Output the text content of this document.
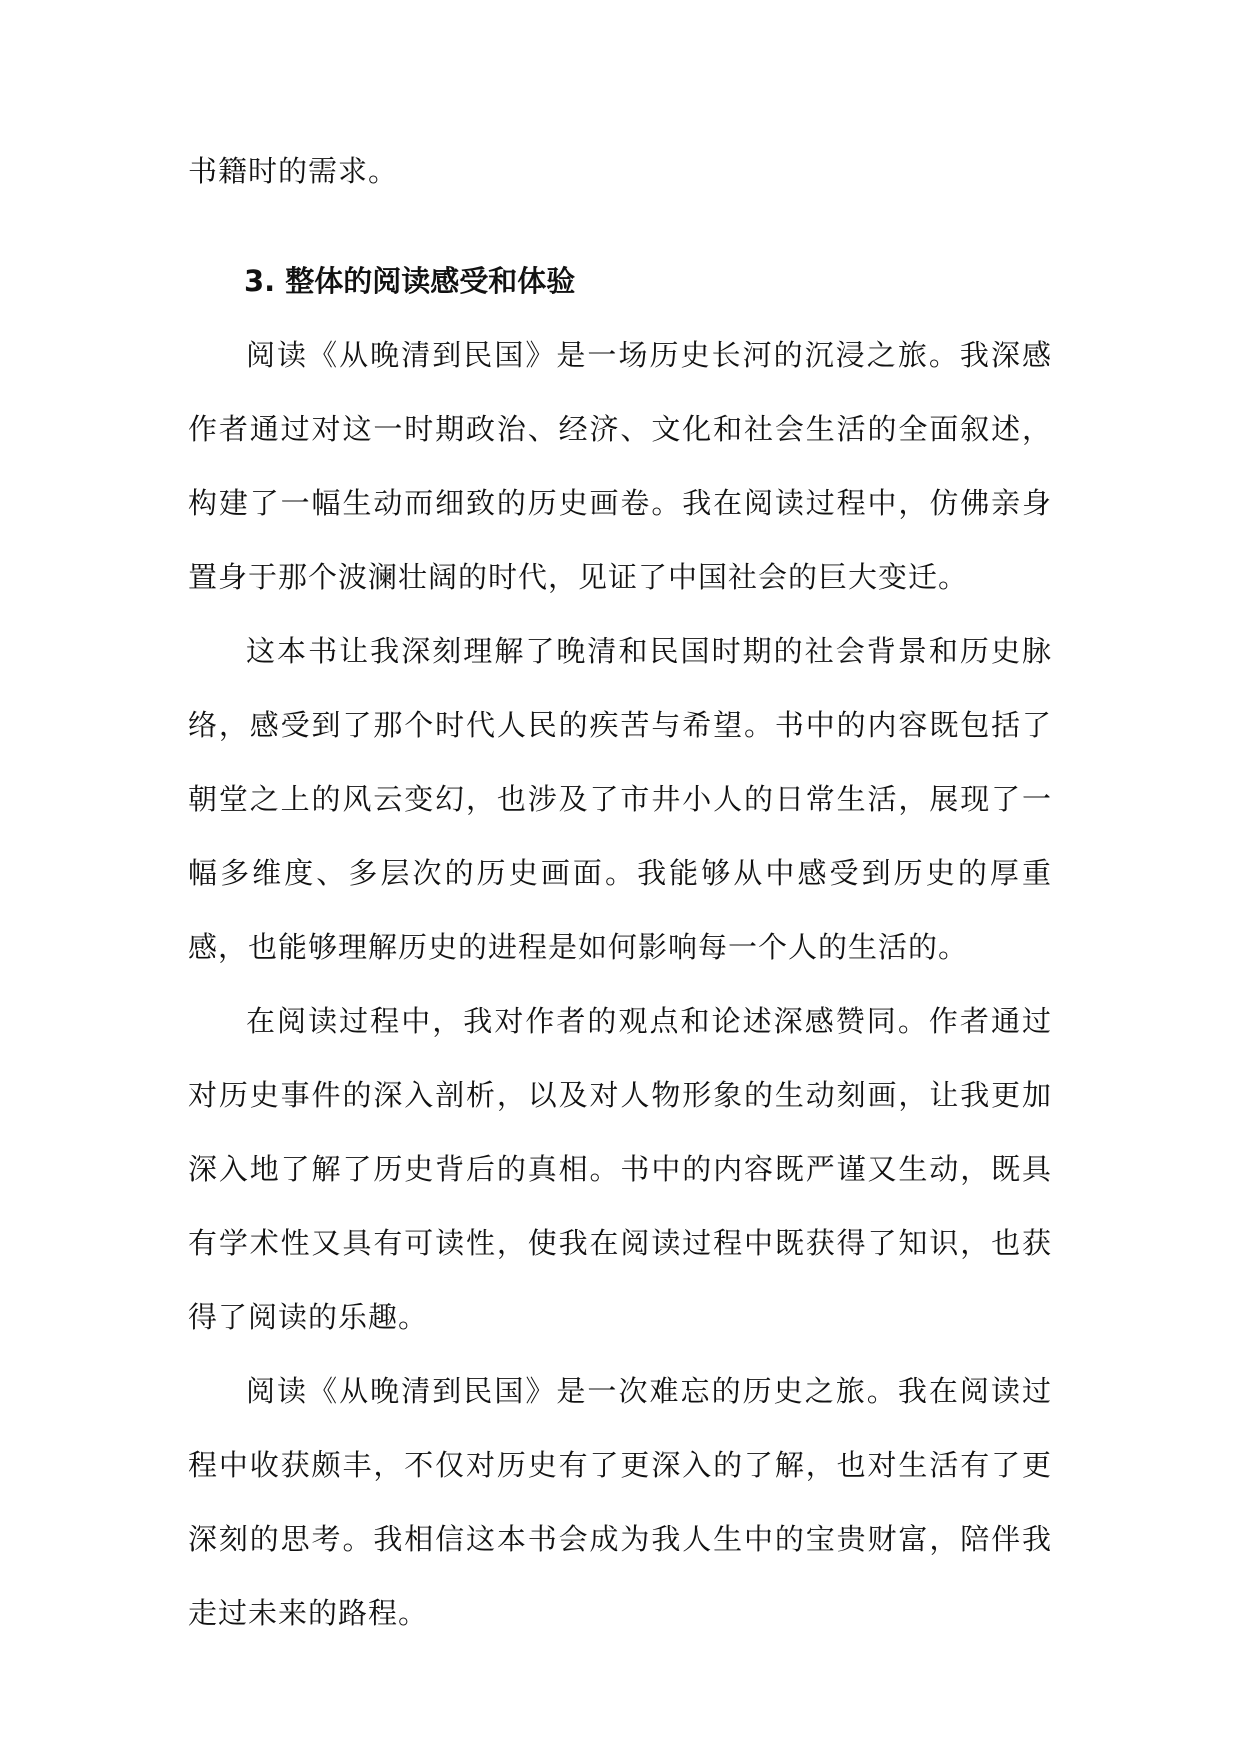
书籍时的需求。

3. 整体的阅读感受和体验

阅读《从晚清到民国》是一场历史长河的沉浸之旅。我深感作者通过对这一时期政治、经济、文化和社会生活的全面叙述，构建了一幅生动而细致的历史画卷。我在阅读过程中，仿佛亲身置身于那个波澜壮阔的时代，见证了中国社会的巨大变迁。

这本书让我深刻理解了晚清和民国时期的社会背景和历史脉络，感受到了那个时代人民的疾苦与希望。书中的内容既包括了朝堂之上的风云变幻，也涉及了市井小人的日常生活，展现了一幅多维度、多层次的历史画面。我能够从中感受到历史的厚重感，也能够理解历史的进程是如何影响每一个人的生活的。

在阅读过程中，我对作者的观点和论述深感赞同。作者通过对历史事件的深入剖析，以及对人物形象的生动刻画，让我更加深入地了解了历史背后的真相。书中的内容既严谨又生动，既具有学术性又具有可读性，使我在阅读过程中既获得了知识，也获得了阅读的乐趣。

阅读《从晚清到民国》是一次难忘的历史之旅。我在阅读过程中收获颇丰，不仅对历史有了更深入的了解，也对生活有了更深刻的思考。我相信这本书会成为我人生中的宝贵财富，陪伴我走过未来的路程。
